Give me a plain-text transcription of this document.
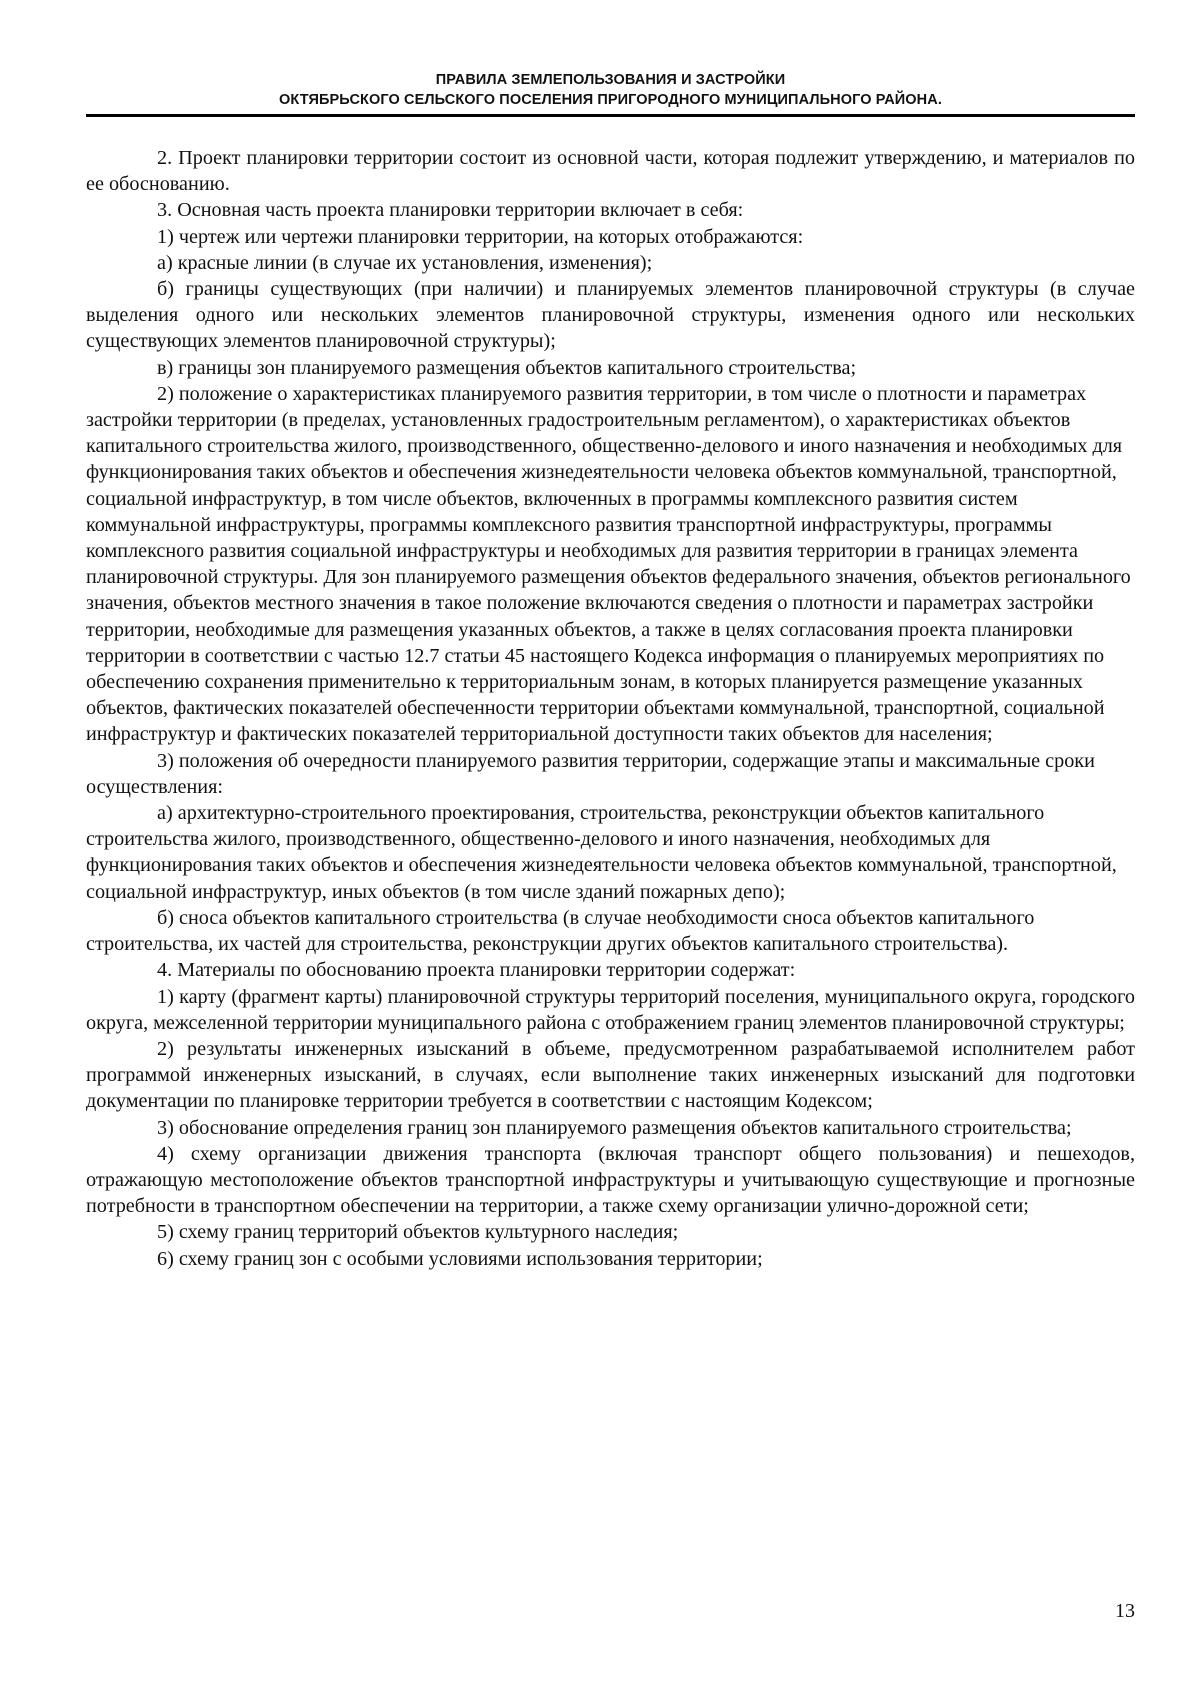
ПРАВИЛА ЗЕМЛЕПОЛЬЗОВАНИЯ И ЗАСТРОЙКИ
ОКТЯБРЬСКОГО СЕЛЬСКОГО ПОСЕЛЕНИЯ ПРИГОРОДНОГО МУНИЦИПАЛЬНОГО РАЙОНА.

2. Проект планировки территории состоит из основной части, которая подлежит утверждению, и материалов по ее обоснованию.

3. Основная часть проекта планировки территории включает в себя:

1) чертеж или чертежи планировки территории, на которых отображаются:

а) красные линии (в случае их установления, изменения);

б) границы существующих (при наличии) и планируемых элементов планировочной структуры (в случае выделения одного или нескольких элементов планировочной структуры, изменения одного или нескольких существующих элементов планировочной структуры);

в) границы зон планируемого размещения объектов капитального строительства;

2) положение о характеристиках планируемого развития территории, в том числе о плотности и параметрах застройки территории (в пределах, установленных градостроительным регламентом), о характеристиках объектов капитального строительства жилого, производственного, общественно-делового и иного назначения и необходимых для функционирования таких объектов и обеспечения жизнедеятельности человека объектов коммунальной, транспортной, социальной инфраструктур, в том числе объектов, включенных в программы комплексного развития систем коммунальной инфраструктуры, программы комплексного развития транспортной инфраструктуры, программы комплексного развития социальной инфраструктуры и необходимых для развития территории в границах элемента планировочной структуры. Для зон планируемого размещения объектов федерального значения, объектов регионального значения, объектов местного значения в такое положение включаются сведения о плотности и параметрах застройки территории, необходимые для размещения указанных объектов, а также в целях согласования проекта планировки территории в соответствии с частью 12.7 статьи 45 настоящего Кодекса информация о планируемых мероприятиях по обеспечению сохранения применительно к территориальным зонам, в которых планируется размещение указанных объектов, фактических показателей обеспеченности территории объектами коммунальной, транспортной, социальной инфраструктур и фактических показателей территориальной доступности таких объектов для населения;

3) положения об очередности планируемого развития территории, содержащие этапы и максимальные сроки осуществления:

а) архитектурно-строительного проектирования, строительства, реконструкции объектов капитального строительства жилого, производственного, общественно-делового и иного назначения, необходимых для функционирования таких объектов и обеспечения жизнедеятельности человека объектов коммунальной, транспортной, социальной инфраструктур, иных объектов (в том числе зданий пожарных депо);

б) сноса объектов капитального строительства (в случае необходимости сноса объектов капитального строительства, их частей для строительства, реконструкции других объектов капитального строительства).

4. Материалы по обоснованию проекта планировки территории содержат:

1) карту (фрагмент карты) планировочной структуры территорий поселения, муниципального округа, городского округа, межселенной территории муниципального района с отображением границ элементов планировочной структуры;

2) результаты инженерных изысканий в объеме, предусмотренном разрабатываемой исполнителем работ программой инженерных изысканий, в случаях, если выполнение таких инженерных изысканий для подготовки документации по планировке территории требуется в соответствии с настоящим Кодексом;

3) обоснование определения границ зон планируемого размещения объектов капитального строительства;

4) схему организации движения транспорта (включая транспорт общего пользования) и пешеходов, отражающую местоположение объектов транспортной инфраструктуры и учитывающую существующие и прогнозные потребности в транспортном обеспечении на территории, а также схему организации улично-дорожной сети;

5) схему границ территорий объектов культурного наследия;

6) схему границ зон с особыми условиями использования территории;

13
